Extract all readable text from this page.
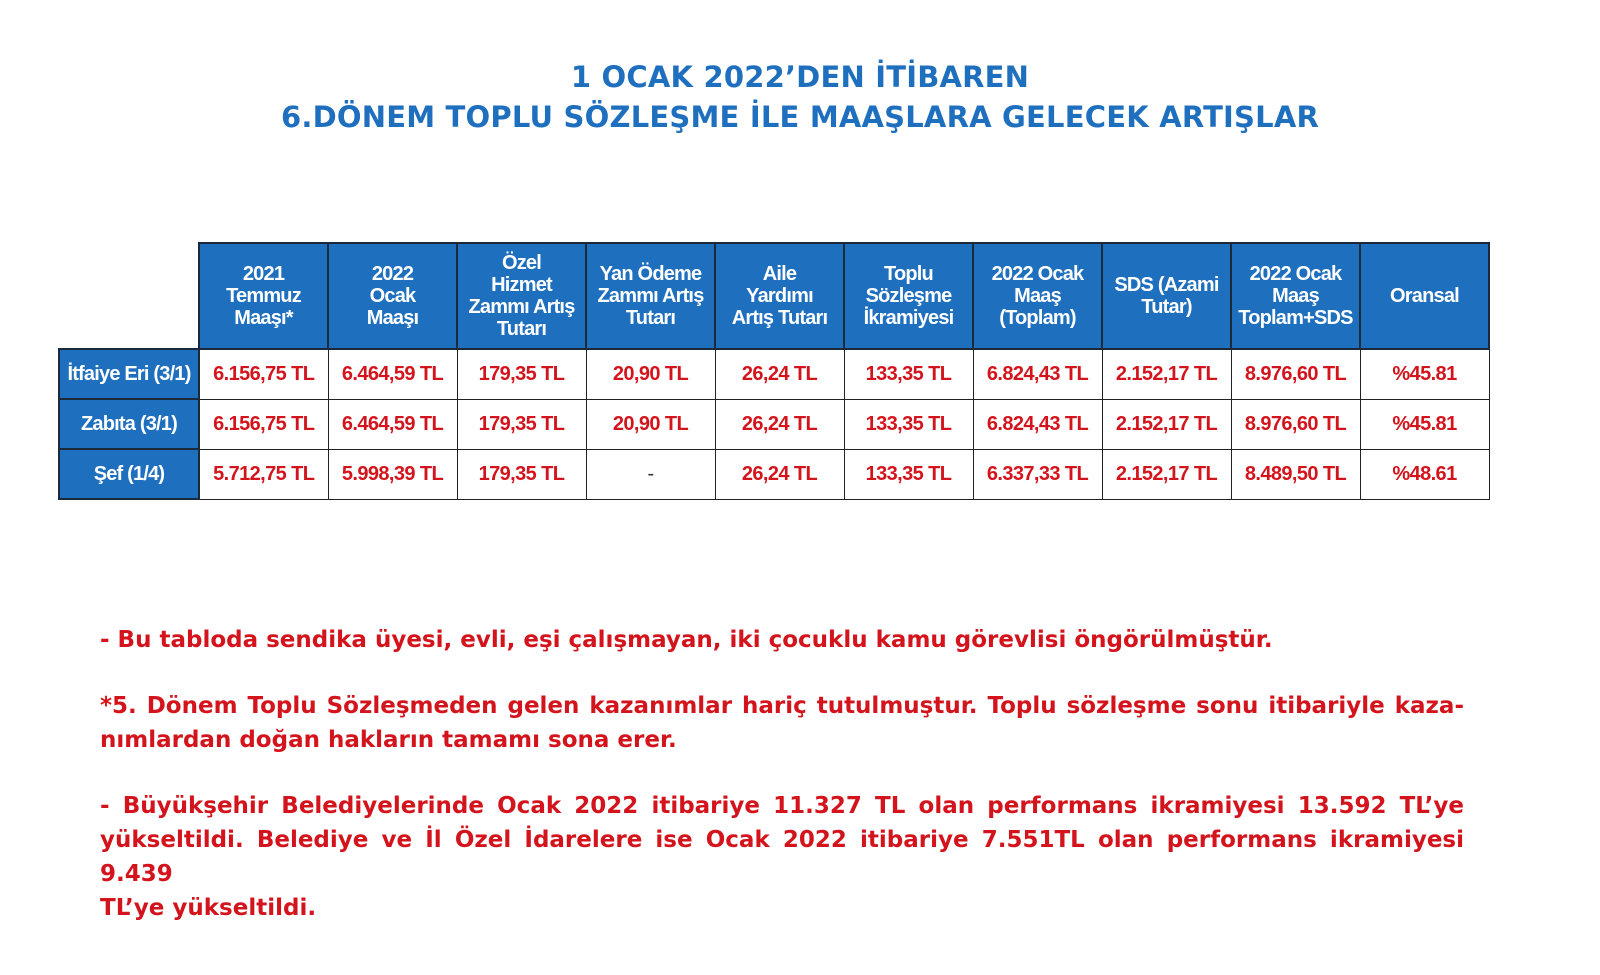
1 OCAK 2022’DEN İTİBAREN
6.DÖNEM TOPLU SÖZLEŞME İLE MAAŞLARA GELECEK ARTIŞLAR

	2021
Temmuz
Maaşı*	2022
Ocak
Maaşı	Özel
Hizmet
Zammı Artış
Tutarı	Yan Ödeme
Zammı Artış
Tutarı	Aile
Yardımı
Artış Tutarı	Toplu
Sözleşme
İkramiyesi	2022 Ocak
Maaş
(Toplam)	SDS (Azami
Tutar)	2022 Ocak
Maaş
Toplam+SDS	Oransal

İtfaiye Eri (3/1)	6.156,75 TL	6.464,59 TL	179,35 TL	20,90 TL	26,24 TL	133,35 TL	6.824,43 TL	2.152,17 TL	8.976,60 TL	%45.81
Zabıta (3/1)	6.156,75 TL	6.464,59 TL	179,35 TL	20,90 TL	26,24 TL	133,35 TL	6.824,43 TL	2.152,17 TL	8.976,60 TL	%45.81
Şef (1/4)	5.712,75 TL	5.998,39 TL	179,35 TL	-	26,24 TL	133,35 TL	6.337,33 TL	2.152,17 TL	8.489,50 TL	%48.61
- Bu tabloda sendika üyesi, evli, eşi çalışmayan, iki çocuklu kamu görevlisi öngörülmüştür.
*5. Dönem Toplu Sözleşmeden gelen kazanımlar hariç tutulmuştur. Toplu sözleşme sonu itibariyle kaza-
nımlardan doğan hakların tamamı sona erer.
- Büyükşehir Belediyelerinde Ocak 2022 itibariye 11.327 TL olan performans ikramiyesi 13.592 TL’ye
yükseltildi. Belediye ve İl Özel İdarelere ise Ocak 2022 itibariye 7.551TL olan performans ikramiyesi 9.439
TL’ye yükseltildi.
